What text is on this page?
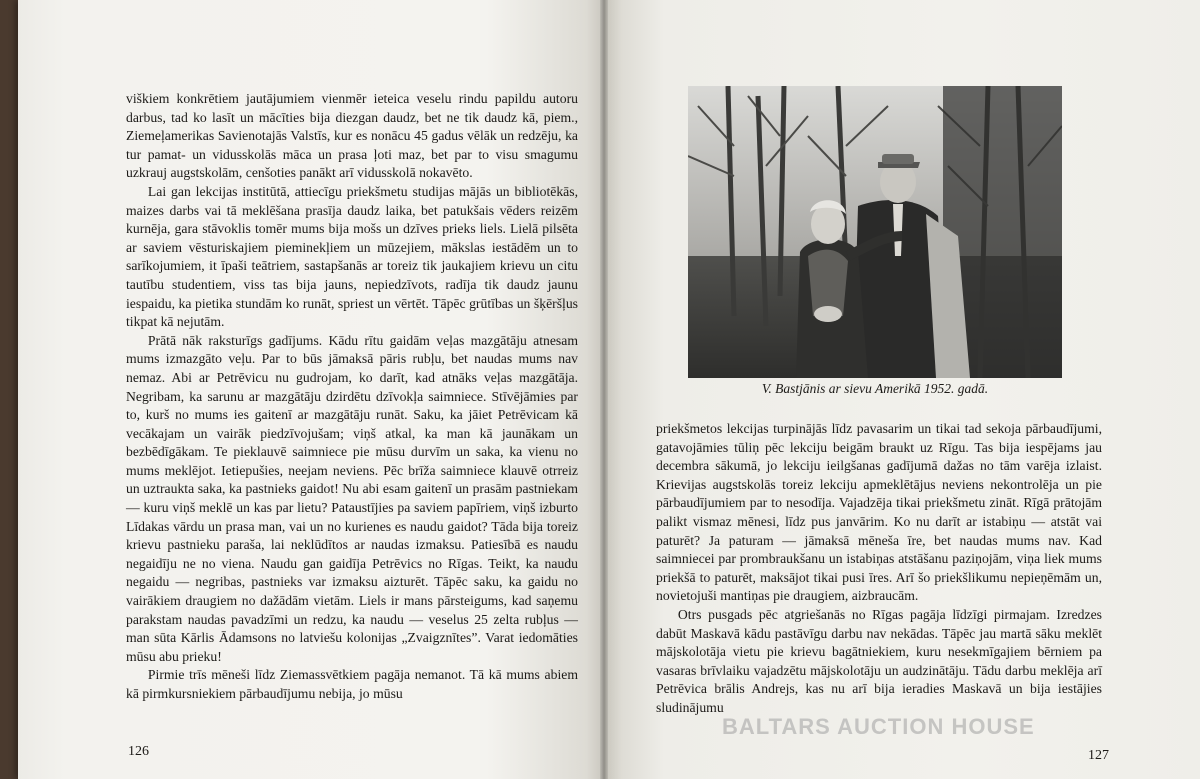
viškiem konkrētiem jautājumiem vienmēr ieteica veselu rindu papildu autoru darbus, tad ko lasīt un mācīties bija diezgan daudz, bet ne tik daudz kā, piem., Ziemeļamerikas Savienotajās Valstīs, kur es nonācu 45 gadus vēlāk un redzēju, ka tur pamat- un vidusskolās māca un prasa ļoti maz, bet par to visu smagumu uzkrauj augstskolām, cenšoties panākt arī vidusskolā nokavēto.

Lai gan lekcijas institūtā, attiecīgu priekšmetu studijas mājās un bibliotēkās, maizes darbs vai tā meklēšana prasīja daudz laika, bet patukšais vēders reizēm kurnēja, gara stāvoklis tomēr mums bija mošs un dzīves prieks liels. Lielā pilsēta ar saviem vēsturiskajiem pieminekļiem un mūzejiem, mākslas iestādēm un to sarīkojumiem, it īpaši teātriem, sastapšanās ar toreiz tik jaukajiem krievu un citu tautību studentiem, viss tas bija jauns, nepiedzīvots, radīja tik daudz jaunu iespaidu, ka pietika stundām ko runāt, spriest un vērtēt. Tāpēc grūtības un šķēršļus tikpat kā nejutām.

Prātā nāk raksturīgs gadījums. Kādu rītu gaidām veļas mazgātāju atnesam mums izmazgāto veļu. Par to būs jāmaksā pāris rubļu, bet naudas mums nav nemaz. Abi ar Petrēvicu nu gudrojam, ko darīt, kad atnāks veļas mazgātāja. Negribam, ka sarunu ar mazgātāju dzirdētu dzīvokļa saimniece. Stīvējāmies par to, kurš no mums ies gaitenī ar mazgātāju runāt. Saku, ka jāiet Petrēvicam kā vecākajam un vairāk piedzīvojušam; viņš atkal, ka man kā jaunākam un bezbēdīgākam. Te pieklauvē saimniece pie mūsu durvīm un saka, ka vienu no mums meklējot. Ietiepušies, neejam neviens. Pēc brīža saimniece klauvē otrreiz un uztraukta saka, ka pastnieks gaidot! Nu abi esam gaitenī un prasām pastniekam — kuru viņš meklē un kas par lietu? Pataustījies pa saviem papīriem, viņš izburto Līdakas vārdu un prasa man, vai un no kurienes es naudu gaidot? Tāda bija toreiz krievu pastnieku paraša, lai neklūdītos ar naudas izmaksu. Patiesībā es naudu negaidīju ne no viena. Naudu gan gaidīja Petrēvics no Rīgas. Teikt, ka naudu negaidu — negribas, pastnieks var izmaksu aizturēt. Tāpēc saku, ka gaidu no vairākiem draugiem no dažādām vietām. Liels ir mans pārsteigums, kad saņemu parakstam naudas pavadzīmi un redzu, ka naudu — veselus 25 zelta rubļus — man sūta Kārlis Ādamsons no latviešu kolonijas „Zvaigznītes”. Varat iedomāties mūsu abu prieku!

Pirmie trīs mēneši līdz Ziemassvētkiem pagāja nemanot. Tā kā mums abiem kā pirmkursniekiem pārbaudījumu nebija, jo mūsu

126
V. Bastjānis ar sievu Amerikā 1952. gadā.

priekšmetos lekcijas turpinājās līdz pavasarim un tikai tad sekoja pārbaudījumi, gatavojāmies tūliņ pēc lekciju beigām braukt uz Rīgu. Tas bija iespējams jau decembra sākumā, jo lekciju ieilgšanas gadījumā dažas no tām varēja izlaist. Krievijas augstskolās toreiz lekciju apmeklētājus neviens nekontrolēja un pie pārbaudījumiem par to nesodīja. Vajadzēja tikai priekšmetu zināt. Rīgā prātojām palikt vismaz mēnesi, līdz pus janvārim. Ko nu darīt ar istabiņu — atstāt vai paturēt? Ja paturam — jāmaksā mēneša īre, bet naudas mums nav. Kad saimniecei par prombraukšanu un istabiņas atstāšanu paziņojām, viņa liek mums priekšā to paturēt, maksājot tikai pusi īres. Arī šo priekšlikumu nepieņēmām un, novietojuši mantiņas pie draugiem, aizbraucām.

Otrs pusgads pēc atgriešanās no Rīgas pagāja līdzīgi pirmajam. Izredzes dabūt Maskavā kādu pastāvīgu darbu nav nekādas. Tāpēc jau martā sāku meklēt mājskolotāja vietu pie krievu bagātniekiem, kuru nesekmīgajiem bērniem pa vasaras brīvlaiku vajadzētu mājskolotāju un audzinātāju. Tādu darbu meklēja arī Petrēvica brālis Andrejs, kas nu arī bija ieradies Maskavā un bija iestājies sludinājumu

BALTARS AUCTION HOUSE
127
